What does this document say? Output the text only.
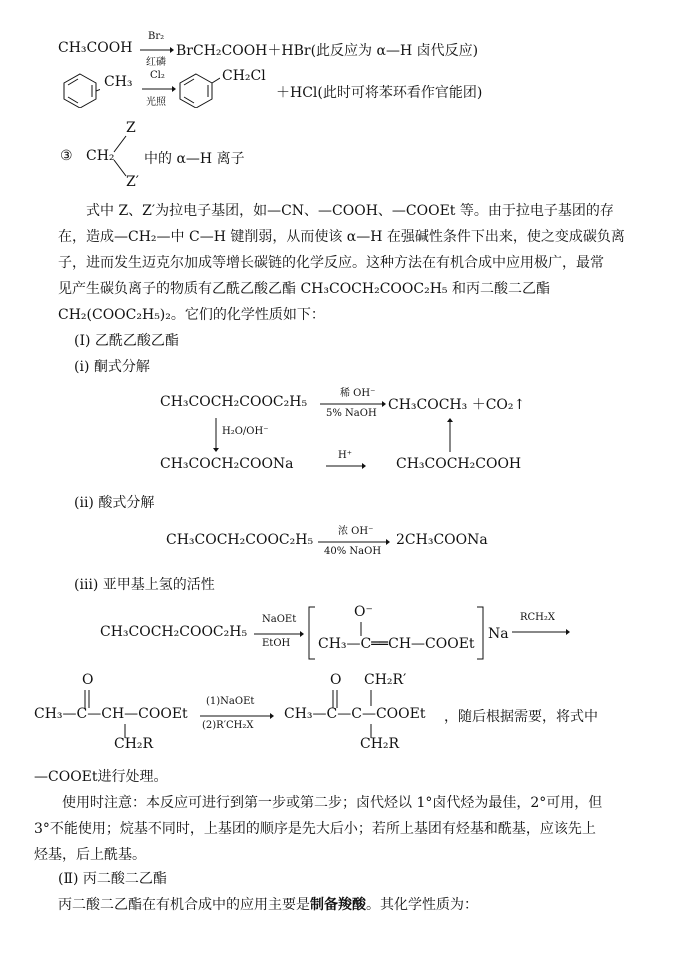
CH₃COOH
Br₂
红磷
BrCH₂COOH＋HBr(此反应为 α—H 卤代反应)
CH₃ Cl₂
光照
CH₂Cl
＋HCl(此时可将苯环看作官能团)
③ CH₂
Z
Z′
中的 α—H 离子
式中 Z、Z′为拉电子基团，如—CN、—COOH、—COOEt 等。由于拉电子基团的存
在，造成—CH₂—中 C—H 键削弱，从而使该 α—H 在强碱性条件下出来，使之变成碳负离
子，进而发生迈克尔加成等增长碳链的化学反应。这种方法在有机合成中应用极广，最常
见产生碳负离子的物质有乙酰乙酸乙酯 CH₃COCH₂COOC₂H₅ 和丙二酸二乙酯
CH₂(COOC₂H₅)₂。它们的化学性质如下：
(Ⅰ) 乙酰乙酸乙酯
(ⅰ) 酮式分解
CH₃COCH₂COOC₂H₅
稀 OH⁻
5% NaOH
CH₃COCH₃ ＋CO₂↑
H₂O/OH⁻
CH₃COCH₂COONa
H⁺
CH₃COCH₂COOH
(ⅱ) 酸式分解
CH₃COCH₂COOC₂H₅
浓 OH⁻
40% NaOH
2CH₃COONa
(ⅲ) 亚甲基上氢的活性
CH₃COCH₂COOC₂H₅
NaOEt
EtOH
O⁻
CH₃—C══CH—COOEt
Na
RCH₂X
O
CH₃—C—CH—COOEt
CH₂R
(1)NaOEt
(2)R′CH₂X
O CH₂R′
CH₃—C—C—COOEt
CH₂R
，随后根据需要，将式中
—COOEt进行处理。
使用时注意：本反应可进行到第一步或第二步；卤代烃以 1°卤代烃为最佳，2°可用，但
3°不能使用；烷基不同时，上基团的顺序是先大后小；若所上基团有烃基和酰基，应该先上
烃基，后上酰基。
(Ⅱ) 丙二酸二乙酯
丙二酸二乙酯在有机合成中的应用主要是制备羧酸。其化学性质为：
